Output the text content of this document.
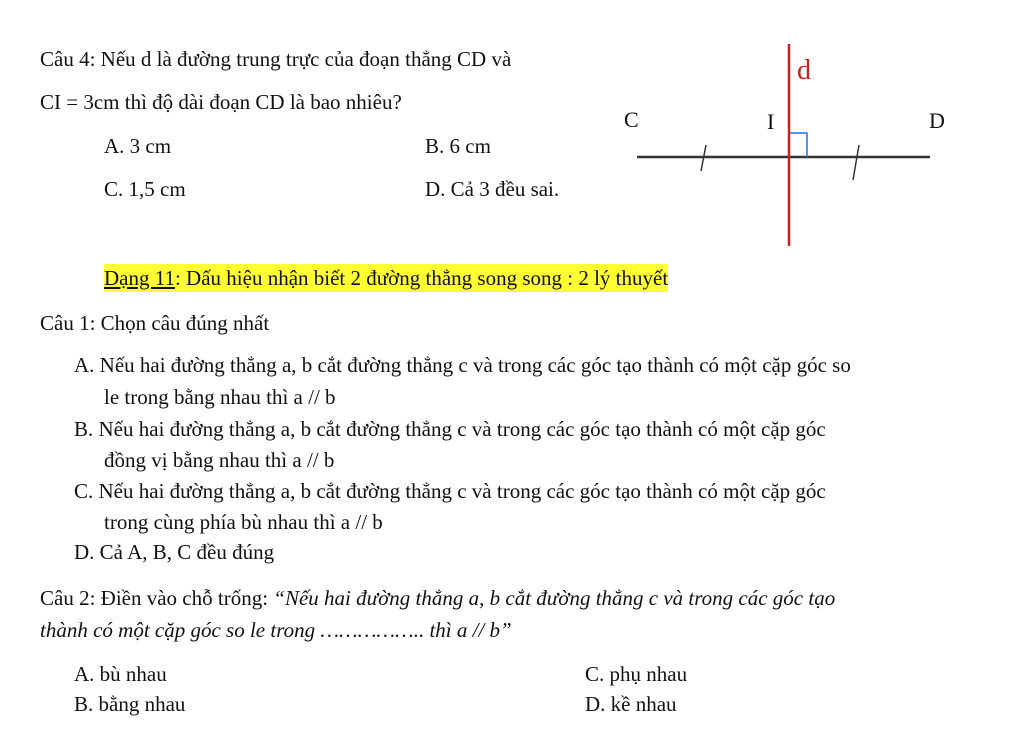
Câu 4: Nếu d là đường trung trực của đoạn thẳng CD và
CI = 3cm thì độ dài đoạn CD là bao nhiêu?
A. 3 cm	B. 6 cm
C. 1,5 cm	D. Cả 3 đều sai.
d
C	I	D
Dạng 11: Dấu hiệu nhận biết 2 đường thẳng song song : 2 lý thuyết
Câu 1: Chọn câu đúng nhất
A. Nếu hai đường thẳng a, b cắt đường thẳng c và trong các góc tạo thành có một cặp góc so
le trong bằng nhau thì a // b
B. Nếu hai đường thẳng a, b cắt đường thẳng c và trong các góc tạo thành có một cặp góc
đồng vị bằng nhau thì a // b
C. Nếu hai đường thẳng a, b cắt đường thẳng c và trong các góc tạo thành có một cặp góc
trong cùng phía bù nhau thì a // b
D. Cả A, B, C đều đúng
Câu 2: Điền vào chỗ trống: “Nếu hai đường thẳng a, b cắt đường thẳng c và trong các góc tạo
thành có một cặp góc so le trong …………….. thì a // b”
A. bù nhau	C. phụ nhau
B. bằng nhau	D. kề nhau
